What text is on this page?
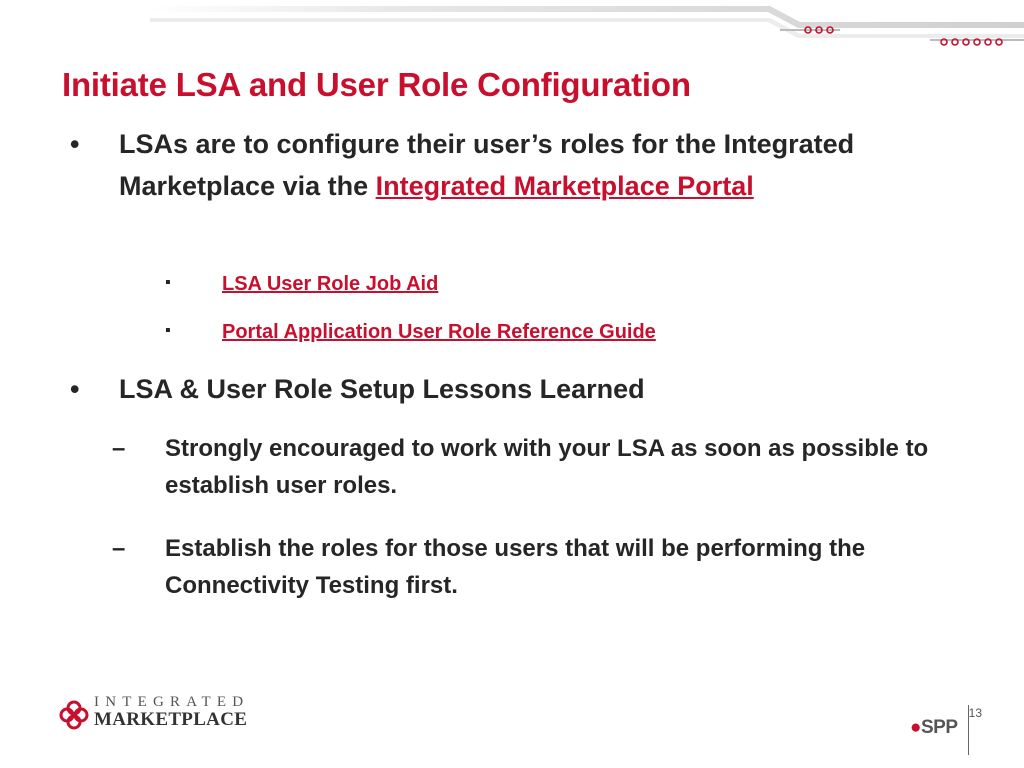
Initiate LSA and User Role Configuration
•	LSAs are to configure their user’s roles for the Integrated Marketplace via the Integrated Marketplace Portal
▪	LSA User Role Job Aid
▪	Portal Application User Role Reference Guide
•	LSA & User Role Setup Lessons Learned
– Strongly encouraged to work with your LSA as soon as possible to establish user roles.
– Establish the roles for those users that will be performing the Connectivity Testing first.
INTEGRATED
MARKETPLACE	●SPP
13
